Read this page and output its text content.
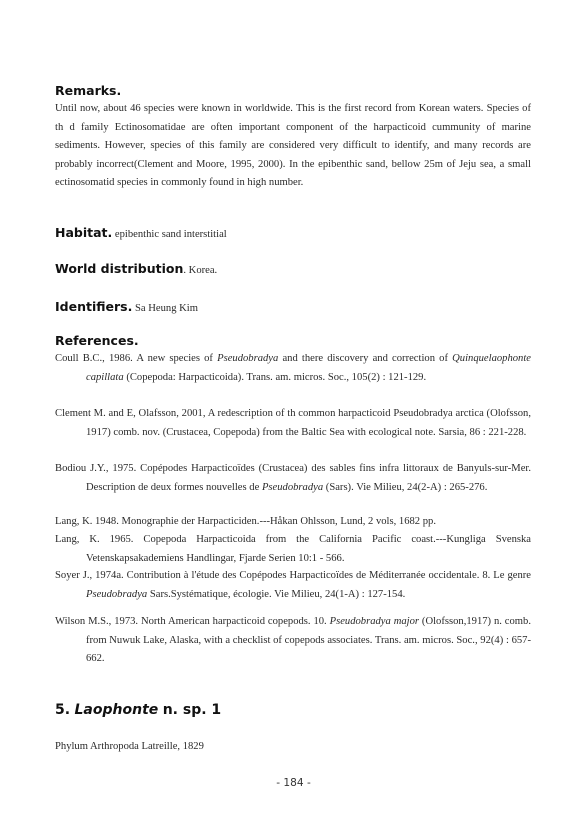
Remarks.
Until now, about 46 species were known in worldwide. This is the first record from Korean waters. Species of th d family Ectinosomatidae are often important component of the harpacticoid cummunity of marine sediments. However, species of this family are considered very difficult to identify, and many records are probably incorrect(Clement and Moore, 1995, 2000). In the epibenthic sand, bellow 25m of Jeju sea, a small ectinosomatid species in commonly found in high number.
Habitat. epibenthic sand interstitial
World distribution. Korea.
Identifiers. Sa Heung Kim
References.
Coull B.C., 1986. A new species of Pseudobradya and there discovery and correction of Quinquelaophonte capillata (Copepoda: Harpacticoida). Trans. am. micros. Soc., 105(2) : 121-129.
Clement M. and E, Olafsson, 2001, A redescription of th common harpacticoid Pseudobradya arctica (Olofsson, 1917) comb. nov. (Crustacea, Copepoda) from the Baltic Sea with ecological note. Sarsia, 86 : 221-228.
Bodiou J.Y., 1975. Copépodes Harpacticoïdes (Crustacea) des sables fins infra littoraux de Banyuls-sur-Mer. Description de deux formes nouvelles de Pseudobradya (Sars). Vie Milieu, 24(2-A) : 265-276.
Lang, K. 1948. Monographie der Harpacticiden.---Håkan Ohlsson, Lund, 2 vols, 1682 pp.
Lang, K. 1965. Copepoda Harpacticoida from the California Pacific coast.---Kungliga Svenska Vetenskapsakademiens Handlingar, Fjarde Serien 10:1 - 566.
Soyer J., 1974a. Contribution à l'étude des Copépodes Harpacticoïdes de Méditerranée occidentale. 8. Le genre Pseudobradya Sars.Systématique, écologie. Vie Milieu, 24(1-A) : 127-154.
Wilson M.S., 1973. North American harpacticoid copepods. 10. Pseudobradya major (Olofsson,1917) n. comb. from Nuwuk Lake, Alaska, with a checklist of copepods associates. Trans. am. micros. Soc., 92(4) : 657-662.
5. Laophonte n. sp. 1
Phylum Arthropoda Latreille, 1829
- 184 -
